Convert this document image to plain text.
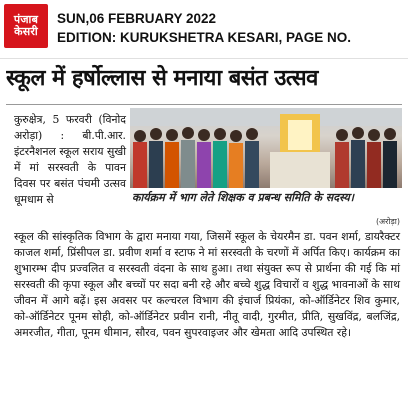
पंजाब
केसरी
SUN,06 FEBRUARY 2022
EDITION: KURUKSHETRA KESARI, PAGE NO.
स्कूल में हर्षोल्लास से मनाया बसंत उत्सव

कुरुक्षेत्र, 5 फरवरी (विनोद अरोड़ा) : बी.पी.आर. इंटरनैशनल स्कूल सराय सुखी में मां सरस्वती के पावन दिवस पर बसंत पंचमी उत्सव धूमधाम से	कार्यक्रम में भाग लेते शिक्षक व प्रबन्ध समिति के सदस्य।
(अरोड़ा)

स्कूल की सांस्कृतिक विभाग के द्वारा मनाया गया, जिसमें स्कूल के चेयरमैन डा. पवन शर्मा, डायरैक्टर काजल शर्मा, प्रिंसीपल डा. प्रवीण शर्मा व स्टाफ ने मां सरस्वती के चरणों में अर्पित किए। कार्यक्रम का शुभारम्भ दीप प्रज्वलित व सरस्वती वंदना के साथ हुआ। तथा संयुक्त रूप से प्रार्थना की गई कि मां सरस्वती की कृपा स्कूल और बच्चों पर सदा बनी रहे और बच्चे शुद्ध विचारों व शुद्ध भावनाओं के साथ जीवन में आगे बढ़ें। इस अवसर पर कल्चरल विभाग की इंचार्ज प्रियंका, को-ऑर्डिनेटर शिव कुमार, को-ऑर्डिनेटर पूनम सोही, को-ऑर्डिनेटर प्रवीन रानी, नीतू वादी, गुरमीत, प्रीति, सुखविंद्र, बलजिंद्र, अमरजीत, गीता, पूनम धीमान, सौरव, पवन सुपरवाइजर और खेमता आदि उपस्थित रहे।
